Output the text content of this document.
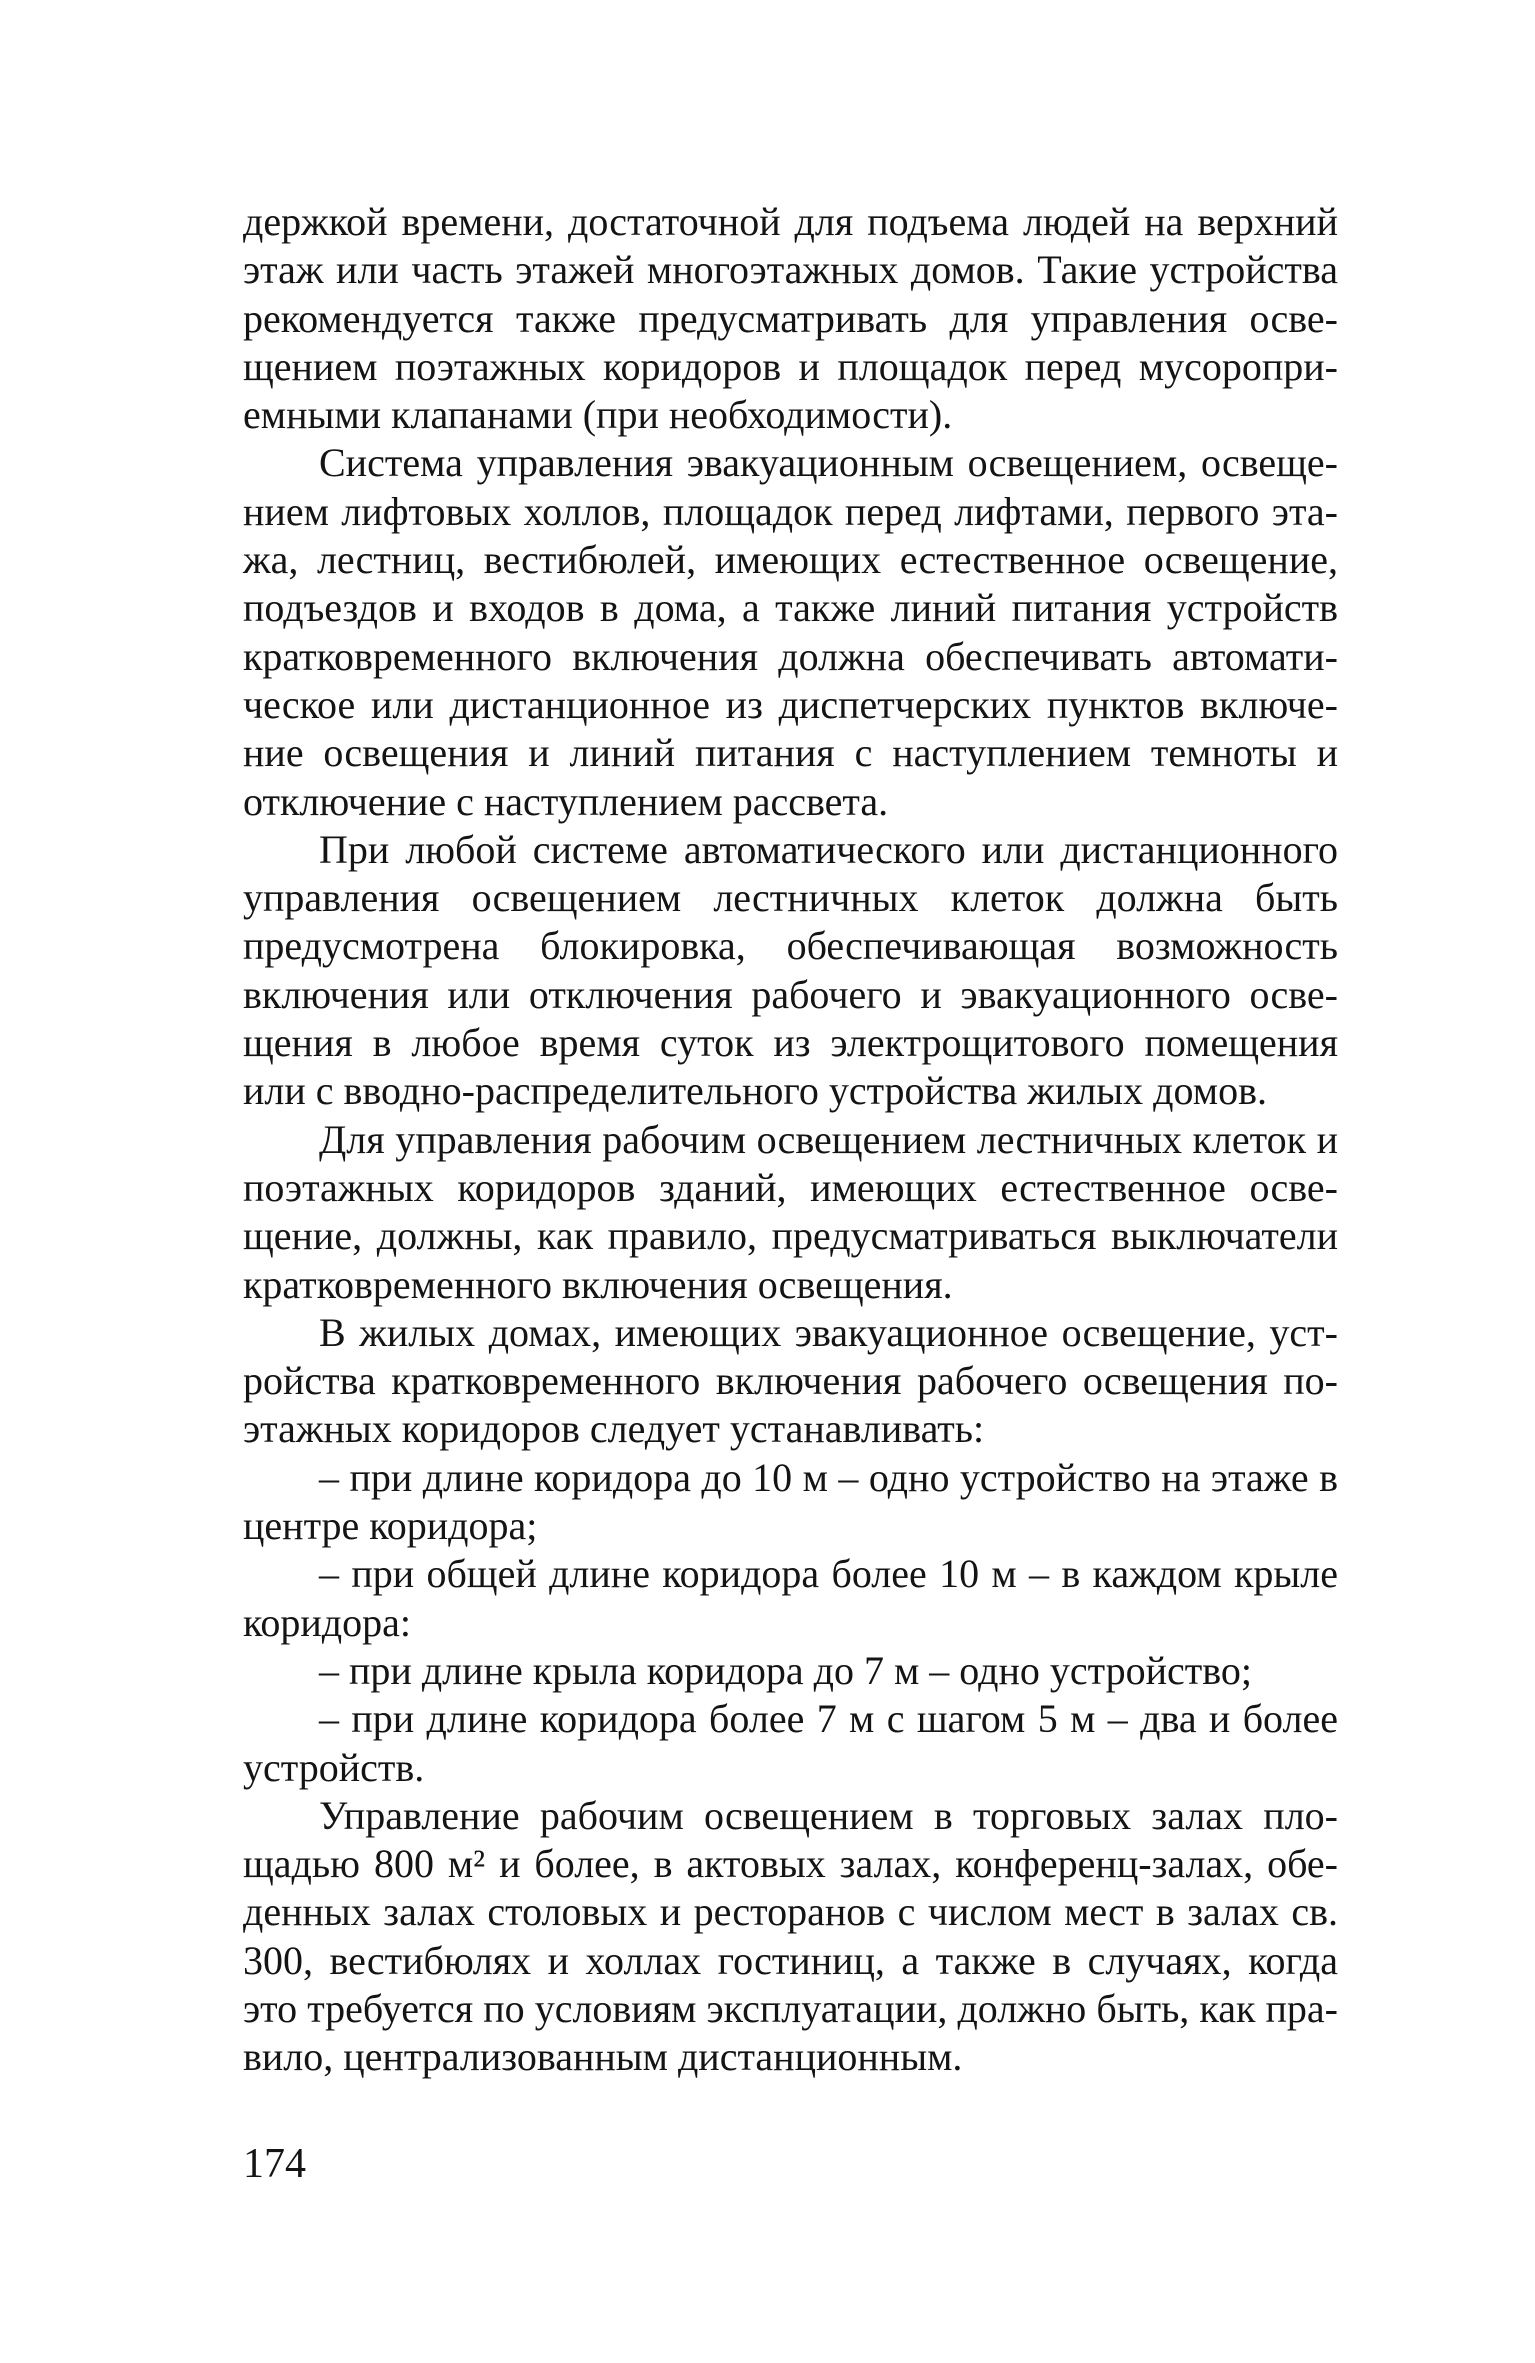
держкой времени, достаточной для подъема людей на верхний этаж или часть этажей многоэтажных домов. Такие устройства рекомендуется также предусматривать для управления освещением поэтажных коридоров и площадок перед мусороприемными клапанами (при необходимости).

Система управления эвакуационным освещением, освещением лифтовых холлов, площадок перед лифтами, первого этажа, лестниц, вестибюлей, имеющих естественное освещение, подъездов и входов в дома, а также линий питания устройств кратковременного включения должна обеспечивать автоматическое или дистанционное из диспетчерских пунктов включение освещения и линий питания с наступлением темноты и отключение с наступлением рассвета.

При любой системе автоматического или дистанционного управления освещением лестничных клеток должна быть предусмотрена блокировка, обеспечивающая возможность включения или отключения рабочего и эвакуационного освещения в любое время суток из электрощитового помещения или с вводно-распределительного устройства жилых домов.

Для управления рабочим освещением лестничных клеток и поэтажных коридоров зданий, имеющих естественное освещение, должны, как правило, предусматриваться выключатели кратковременного включения освещения.

В жилых домах, имеющих эвакуационное освещение, устройства кратковременного включения рабочего освещения поэтажных коридоров следует устанавливать:

– при длине коридора до 10 м – одно устройство на этаже в центре коридора;

– при общей длине коридора более 10 м – в каждом крыле коридора:

– при длине крыла коридора до 7 м – одно устройство;

– при длине коридора более 7 м с шагом 5 м – два и более устройств.

Управление рабочим освещением в торговых залах площадью 800 м² и более, в актовых залах, конференц-залах, обеденных залах столовых и ресторанов с числом мест в залах св. 300, вестибюлях и холлах гостиниц, а также в случаях, когда это требуется по условиям эксплуатации, должно быть, как правило, централизованным дистанционным.

174
